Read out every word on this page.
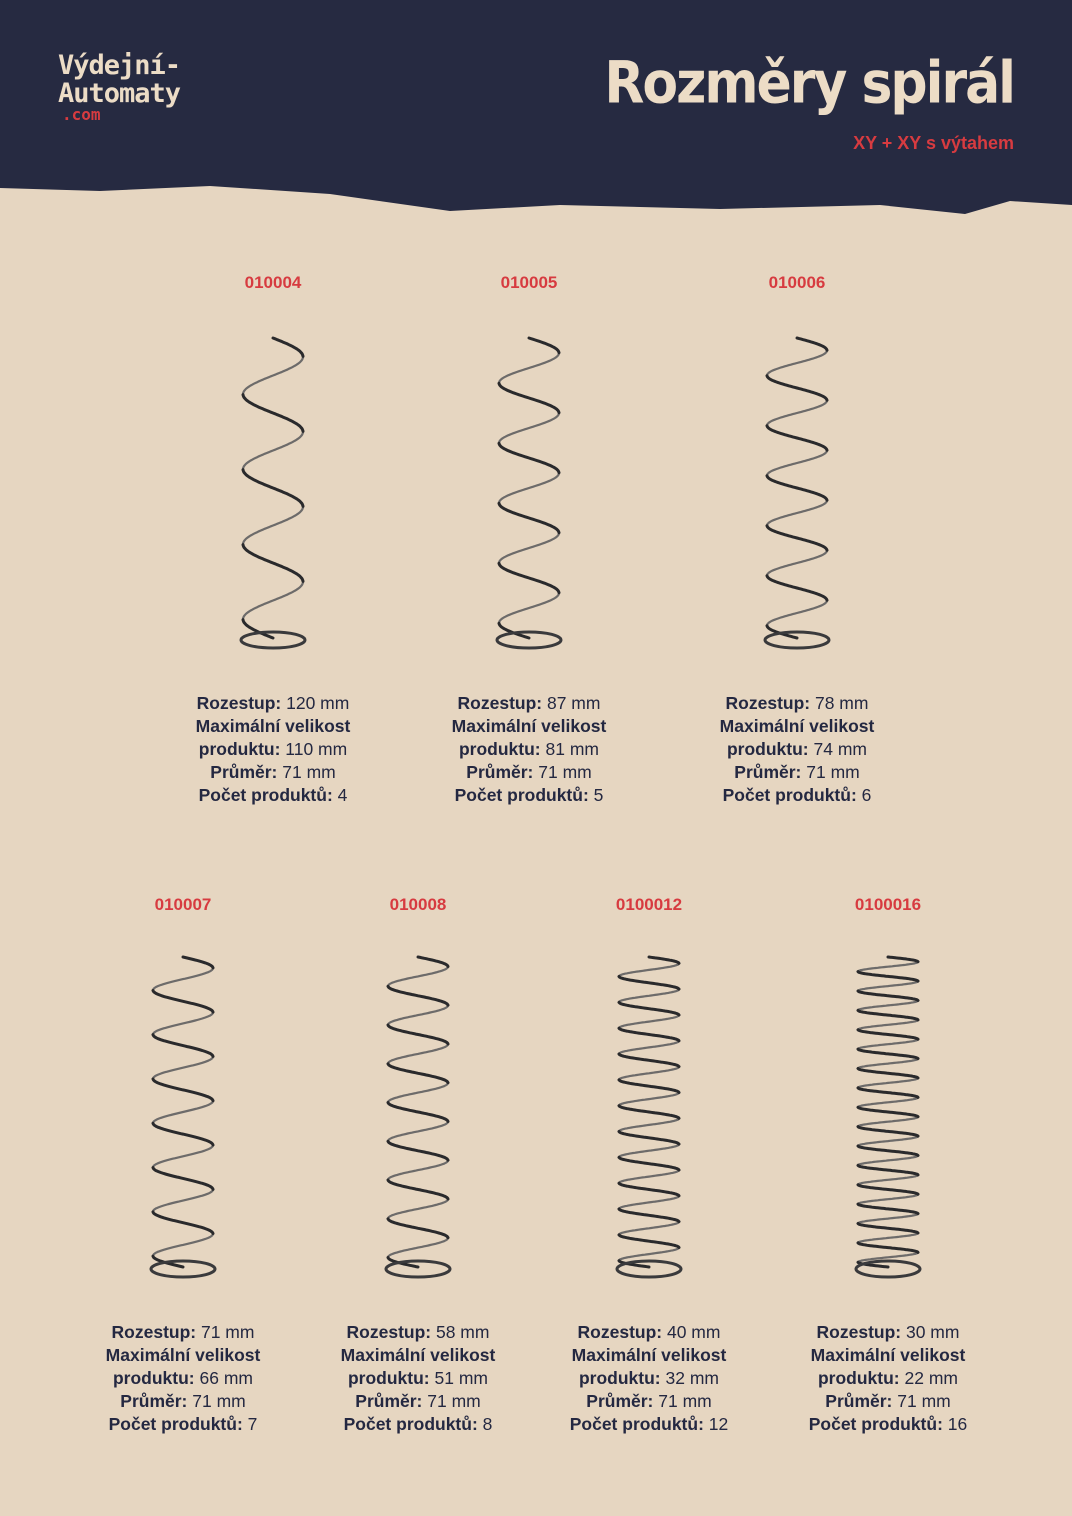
Výdejní-
Automaty
.com	Rozměry spirál
XY + XY s výtahem
010004
Rozestup: 120 mm
Maximální velikost
produktu: 110 mm
Průměr: 71 mm
Počet produktů: 4
010005
Rozestup: 87 mm
Maximální velikost
produktu: 81 mm
Průměr: 71 mm
Počet produktů: 5
010006
Rozestup: 78 mm
Maximální velikost
produktu: 74 mm
Průměr: 71 mm
Počet produktů: 6
010007
Rozestup: 71 mm
Maximální velikost
produktu: 66 mm
Průměr: 71 mm
Počet produktů: 7
010008
Rozestup: 58 mm
Maximální velikost
produktu: 51 mm
Průměr: 71 mm
Počet produktů: 8
0100012
Rozestup: 40 mm
Maximální velikost
produktu: 32 mm
Průměr: 71 mm
Počet produktů: 12
0100016
Rozestup: 30 mm
Maximální velikost
produktu: 22 mm
Průměr: 71 mm
Počet produktů: 16
